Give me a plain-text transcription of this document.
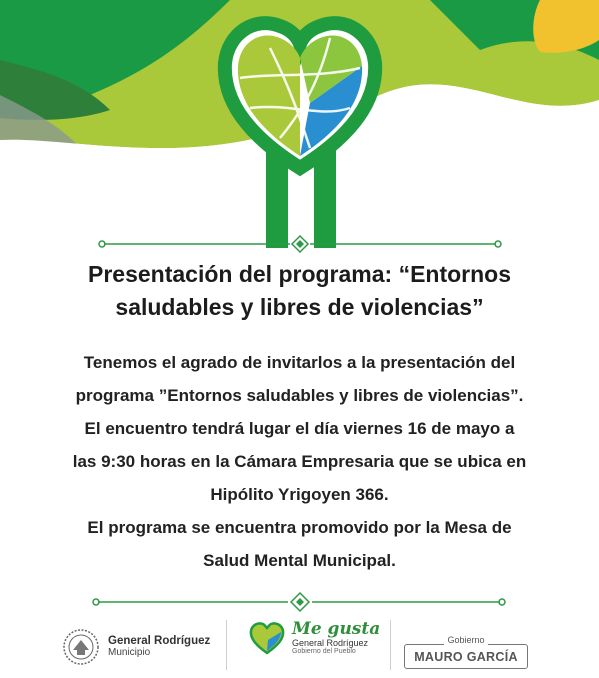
Presentación del programa: “Entornos
saludables y libres de violencias”

Tenemos el agrado de invitarlos a la presentación del

programa ”Entornos saludables y libres de violencias”.

El encuentro tendrá lugar el día viernes 16 de mayo a

las 9:30 horas en la Cámara Empresaria que se ubica en

Hipólito Yrigoyen 366.

El programa se encuentra promovido por la Mesa de

Salud Mental Municipal.

General Rodríguez
Municipio
Me gusta
General Rodríguez
Gobierno del Pueblo
Gobierno
MAURO GARCÍA
